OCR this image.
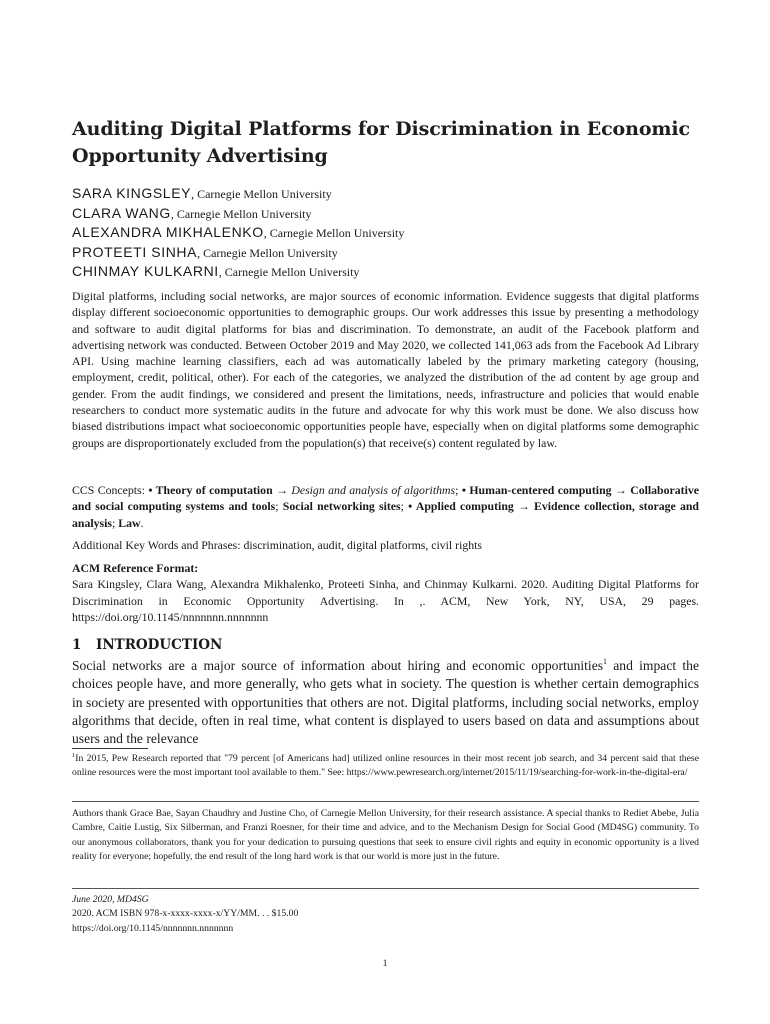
Auditing Digital Platforms for Discrimination in Economic Opportunity Advertising
SARA KINGSLEY, Carnegie Mellon University
CLARA WANG, Carnegie Mellon University
ALEXANDRA MIKHALENKO, Carnegie Mellon University
PROTEETI SINHA, Carnegie Mellon University
CHINMAY KULKARNI, Carnegie Mellon University

Digital platforms, including social networks, are major sources of economic information. Evidence suggests that digital platforms display different socioeconomic opportunities to demographic groups. Our work addresses this issue by presenting a methodology and software to audit digital platforms for bias and discrimination. To demonstrate, an audit of the Facebook platform and advertising network was conducted. Between October 2019 and May 2020, we collected 141,063 ads from the Facebook Ad Library API. Using machine learning classifiers, each ad was automatically labeled by the primary marketing category (housing, employment, credit, political, other). For each of the categories, we analyzed the distribution of the ad content by age group and gender. From the audit findings, we considered and present the limitations, needs, infrastructure and policies that would enable researchers to conduct more systematic audits in the future and advocate for why this work must be done. We also discuss how biased distributions impact what socioeconomic opportunities people have, especially when on digital platforms some demographic groups are disproportionately excluded from the population(s) that receive(s) content regulated by law.

CCS Concepts: • Theory of computation → Design and analysis of algorithms; • Human-centered computing → Collaborative and social computing systems and tools; Social networking sites; • Applied computing → Evidence collection, storage and analysis; Law.

Additional Key Words and Phrases: discrimination, audit, digital platforms, civil rights

ACM Reference Format:

Sara Kingsley, Clara Wang, Alexandra Mikhalenko, Proteeti Sinha, and Chinmay Kulkarni. 2020. Auditing Digital Platforms for Discrimination in Economic Opportunity Advertising. In ,. ACM, New York, NY, USA, 29 pages. https://doi.org/10.1145/nnnnnnn.nnnnnnn

1 INTRODUCTION

Social networks are a major source of information about hiring and economic opportunities$^1$ and impact the choices people have, and more generally, who gets what in society. The question is whether certain demographics in society are presented with opportunities that others are not. Digital platforms, including social networks, employ algorithms that decide, often in real time, what content is displayed to users based on data and assumptions about users and the relevance

$^1$In 2015, Pew Research reported that "79 percent [of Americans had] utilized online resources in their most recent job search, and 34 percent said that these online resources were the most important tool available to them." See: https://www.pewresearch.org/internet/2015/11/19/searching-for-work-in-the-digital-era/

Authors thank Grace Bae, Sayan Chaudhry and Justine Cho, of Carnegie Mellon University, for their research assistance. A special thanks to Rediet Abebe, Julia Cambre, Caitie Lustig, Six Silberman, and Franzi Roesner, for their time and advice, and to the Mechanism Design for Social Good (MD4SG) community. To our anonymous collaborators, thank you for your dedication to pursuing questions that seek to ensure civil rights and equity in economic opportunity is a lived reality for everyone; hopefully, the end result of the long hard work is that our world is more just in the future.

June 2020, MD4SG
2020. ACM ISBN 978-x-xxxx-xxxx-x/YY/MM. . . $15.00
https://doi.org/10.1145/nnnnnnn.nnnnnnn
1
